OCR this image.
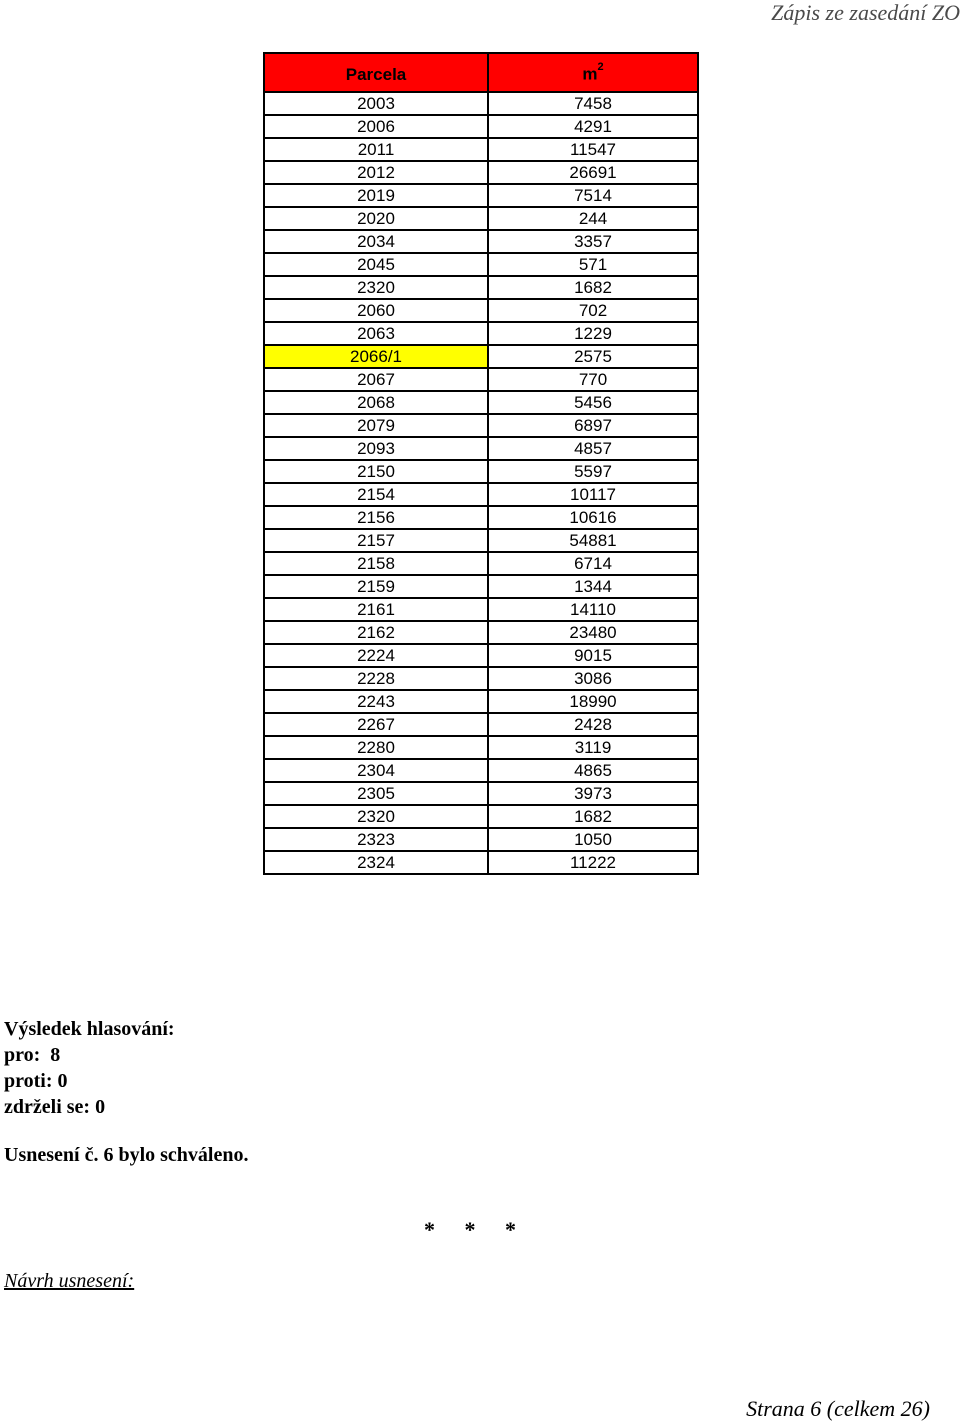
Zápis ze zasedání ZO
Parcela	$m^2$
2003	7458
2006	4291
2011	11547
2012	26691
2019	7514
2020	244
2034	3357
2045	571
2320	1682
2060	702
2063	1229
2066/1	2575
2067	770
2068	5456
2079	6897
2093	4857
2150	5597
2154	10117
2156	10616
2157	54881
2158	6714
2159	1344
2161	14110
2162	23480
2224	9015
2228	3086
2243	18990
2267	2428
2280	3119
2304	4865
2305	3973
2320	1682
2323	1050
2324	11222
Výsledek hlasování:
pro:  8
proti: 0
zdrželi se: 0
Usnesení č. 6 bylo schváleno.
* * *
Návrh usnesení:
Strana 6 (celkem 26)
